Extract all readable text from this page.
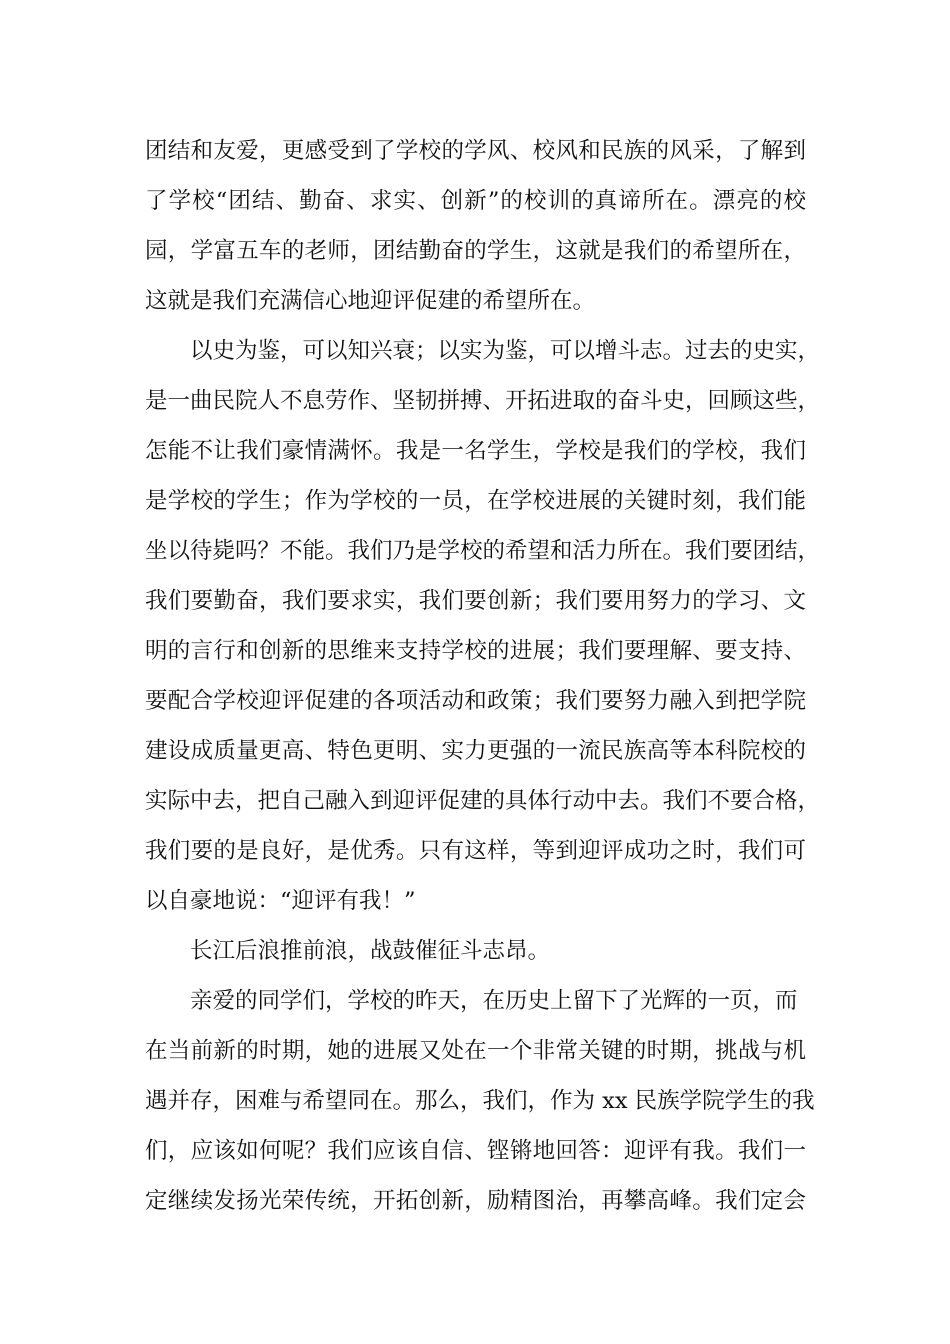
团结和友爱，更感受到了学校的学风、校风和民族的风采，了解到
了学校“团结、勤奋、求实、创新”的校训的真谛所在。漂亮的校
园，学富五车的老师，团结勤奋的学生，这就是我们的希望所在，
这就是我们充满信心地迎评促建的希望所在。
以史为鉴，可以知兴衰；以实为鉴，可以增斗志。过去的史实，
是一曲民院人不息劳作、坚韧拼搏、开拓进取的奋斗史，回顾这些，
怎能不让我们豪情满怀。我是一名学生，学校是我们的学校，我们
是学校的学生；作为学校的一员，在学校进展的关键时刻，我们能
坐以待毙吗？不能。我们乃是学校的希望和活力所在。我们要团结，
我们要勤奋，我们要求实，我们要创新；我们要用努力的学习、文
明的言行和创新的思维来支持学校的进展；我们要理解、要支持、
要配合学校迎评促建的各项活动和政策；我们要努力融入到把学院
建设成质量更高、特色更明、实力更强的一流民族高等本科院校的
实际中去，把自己融入到迎评促建的具体行动中去。我们不要合格，
我们要的是良好，是优秀。只有这样，等到迎评成功之时，我们可
以自豪地说：“迎评有我！”
长江后浪推前浪，战鼓催征斗志昂。
亲爱的同学们，学校的昨天，在历史上留下了光辉的一页，而
在当前新的时期，她的进展又处在一个非常关键的时期，挑战与机
遇并存，困难与希望同在。那么，我们，作为 xx 民族学院学生的我
们，应该如何呢？我们应该自信、铿锵地回答：迎评有我。我们一
定继续发扬光荣传统，开拓创新，励精图治，再攀高峰。我们定会
